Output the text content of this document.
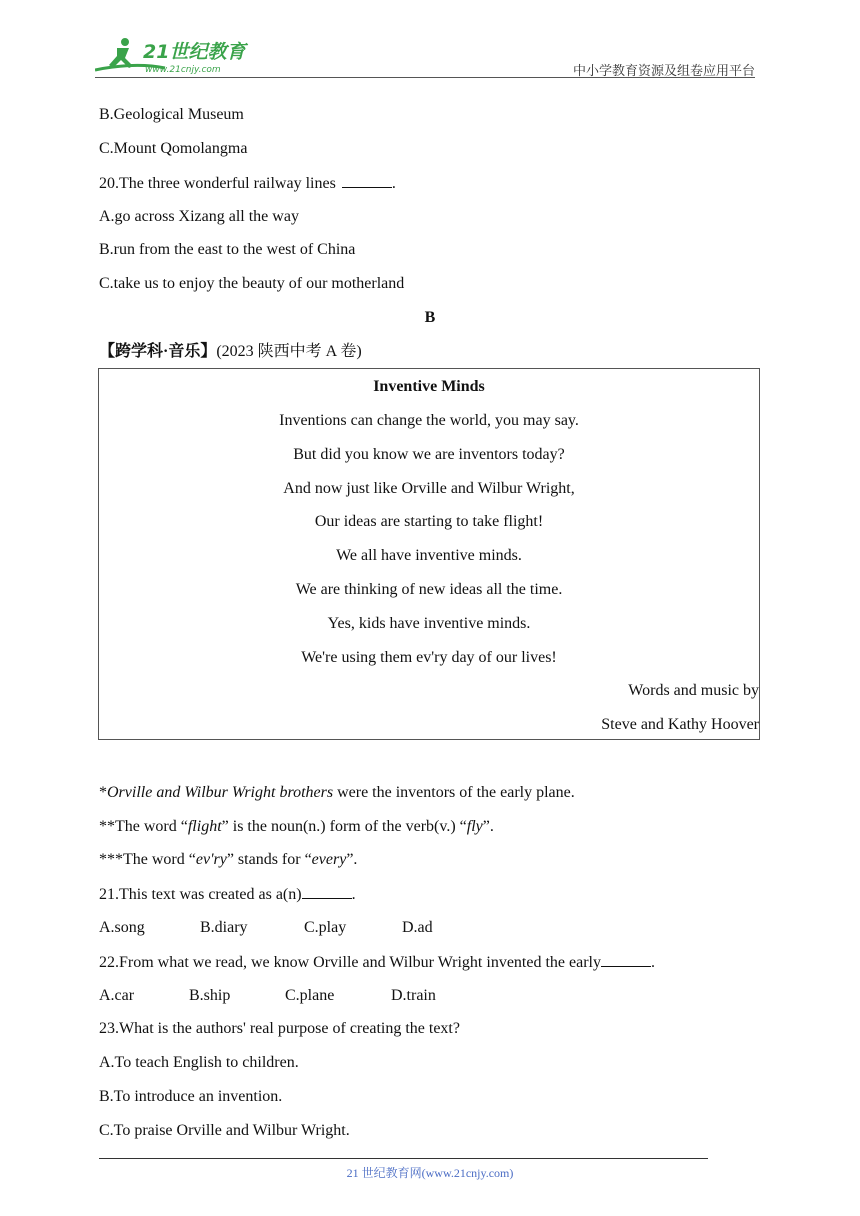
21世纪教育
www.21cnjy.com	中小学教育资源及组卷应用平台
B.Geological Museum
C.Mount Qomolangma
20.The three wonderful railway lines	.
A.go across Xizang all the way
B.run from the east to the west of China
C.take us to enjoy the beauty of our motherland
B
【跨学科·音乐】(2023 陕西中考 A 卷)
Inventive Minds
Inventions can change the world, you may say.
But did you know we are inventors today?
And now just like Orville and Wilbur Wright,
Our ideas are starting to take flight!
We all have inventive minds.
We are thinking of new ideas all the time.
Yes, kids have inventive minds.
We're using them ev'ry day of our lives!
Words and music by
Steve and Kathy Hoover
*Orville and Wilbur Wright brothers were the inventors of the early plane.
**The word “flight” is the noun(n.) form of the verb(v.) “fly”.
***The word “ev'ry” stands for “every”.
21.This text was created as a(n)	.
A.song	B.diary	C.play	D.ad
22.From what we read, we know Orville and Wilbur Wright invented the early	.
A.car	B.ship	C.plane	D.train
23.What is the authors' real purpose of creating the text?
A.To teach English to children.
B.To introduce an invention.
C.To praise Orville and Wilbur Wright.
21 世纪教育网(www.21cnjy.com)
